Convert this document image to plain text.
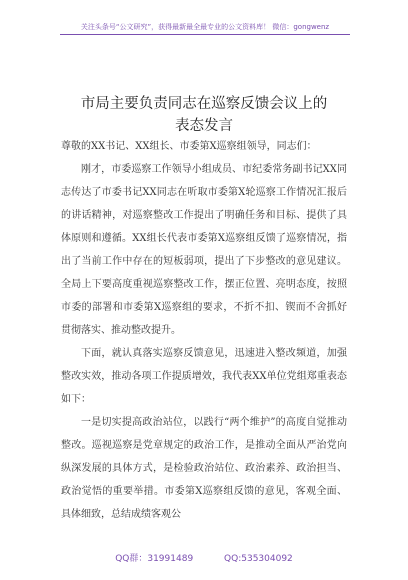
关注头条号“公文研究”，获得最新最全最专业的公文资料库！ 微信：gongwenz
市局主要负责同志在巡察反馈会议上的
表态发言

尊敬的XX书记、XX组长、市委第X巡察组领导，同志们：

刚才，市委巡察工作领导小组成员、市纪委常务副书记XX同志传达了市委书记XX同志在听取市委第X轮巡察工作情况汇报后的讲话精神，对巡察整改工作提出了明确任务和目标、提供了具体原则和遵循。XX组长代表市委第X巡察组反馈了巡察情况，指出了当前工作中存在的短板弱项，提出了下步整改的意见建议。全局上下要高度重视巡察整改工作，摆正位置、亮明态度，按照市委的部署和市委第X巡察组的要求，不折不扣、锲而不舍抓好贯彻落实、推动整改提升。

下面，就认真落实巡察反馈意见，迅速进入整改频道，加强整改实效，推动各项工作提质增效，我代表XX单位党组郑重表态如下：

一是切实提高政治站位，以践行“两个维护”的高度自觉推动整改。巡视巡察是党章规定的政治工作，是推动全面从严治党向纵深发展的具体方式，是检验政治站位、政治素养、政治担当、政治觉悟的重要举措。市委第X巡察组反馈的意见，客观全面、具体细致，总结成绩客观公

QQ群：31991489	QQ:535304092
